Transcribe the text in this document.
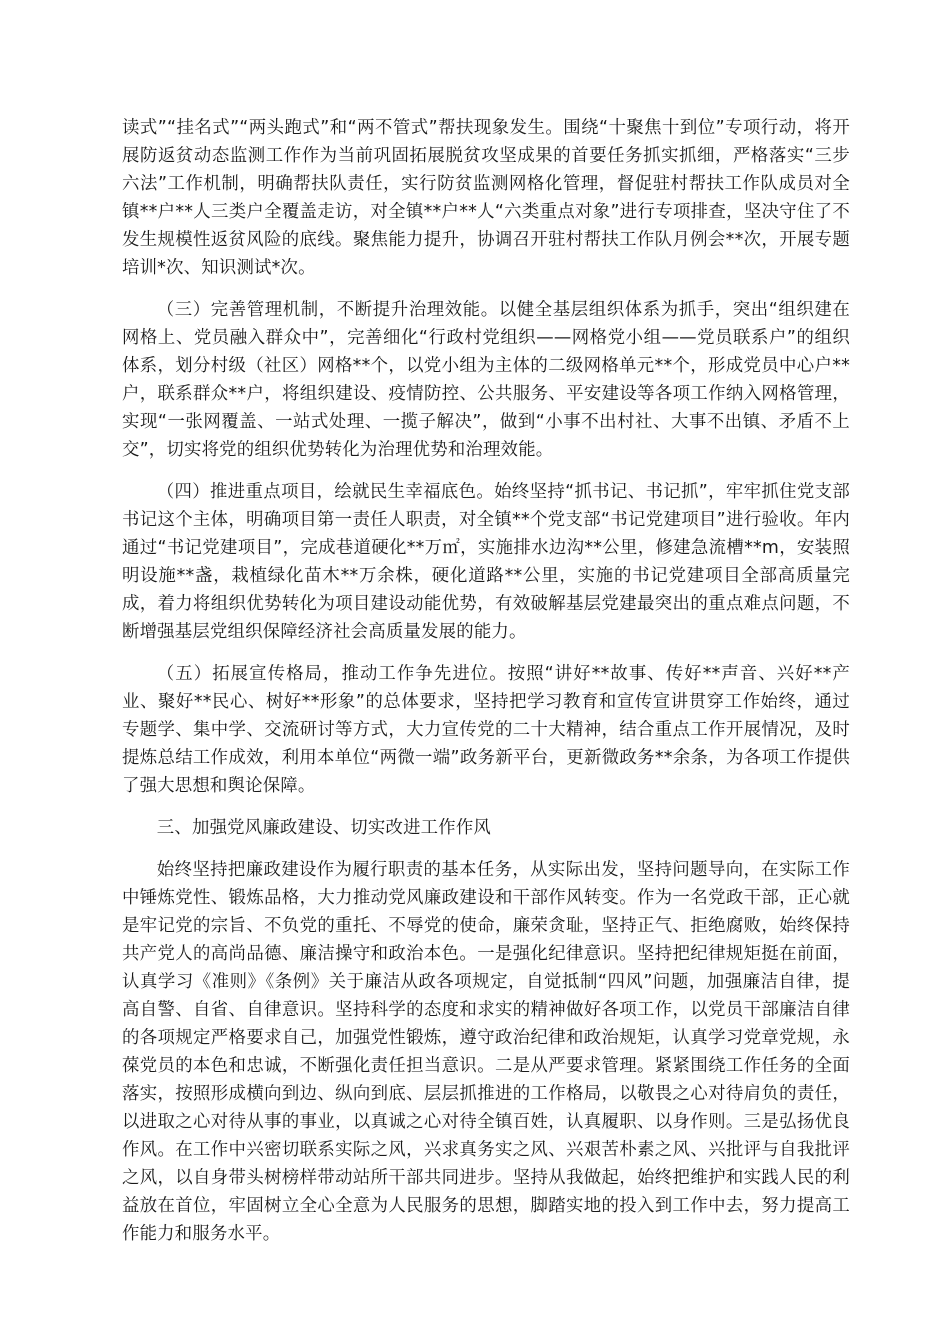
读式”“挂名式”“两头跑式”和“两不管式”帮扶现象发生。围绕“十聚焦十到位”专项行动，将开展防返贫动态监测工作作为当前巩固拓展脱贫攻坚成果的首要任务抓实抓细，严格落实“三步六法”工作机制，明确帮扶队责任，实行防贫监测网格化管理，督促驻村帮扶工作队成员对全镇**户**人三类户全覆盖走访，对全镇**户**人“六类重点对象”进行专项排查，坚决守住了不发生规模性返贫风险的底线。聚焦能力提升，协调召开驻村帮扶工作队月例会**次，开展专题培训*次、知识测试*次。

（三）完善管理机制，不断提升治理效能。以健全基层组织体系为抓手，突出“组织建在网格上、党员融入群众中”，完善细化“行政村党组织——网格党小组——党员联系户”的组织体系，划分村级（社区）网格**个，以党小组为主体的二级网格单元**个，形成党员中心户**户，联系群众**户，将组织建设、疫情防控、公共服务、平安建设等各项工作纳入网格管理，实现“一张网覆盖、一站式处理、一揽子解决”，做到“小事不出村社、大事不出镇、矛盾不上交”，切实将党的组织优势转化为治理优势和治理效能。

（四）推进重点项目，绘就民生幸福底色。始终坚持“抓书记、书记抓”，牢牢抓住党支部书记这个主体，明确项目第一责任人职责，对全镇**个党支部“书记党建项目”进行验收。年内通过“书记党建项目”，完成巷道硬化**万㎡，实施排水边沟**公里，修建急流槽**m，安装照明设施**盏，栽植绿化苗木**万余株，硬化道路**公里，实施的书记党建项目全部高质量完成，着力将组织优势转化为项目建设动能优势，有效破解基层党建最突出的重点难点问题，不断增强基层党组织保障经济社会高质量发展的能力。

（五）拓展宣传格局，推动工作争先进位。按照“讲好**故事、传好**声音、兴好**产业、聚好**民心、树好**形象”的总体要求，坚持把学习教育和宣传宣讲贯穿工作始终，通过专题学、集中学、交流研讨等方式，大力宣传党的二十大精神，结合重点工作开展情况，及时提炼总结工作成效，利用本单位“两微一端”政务新平台，更新微政务**余条，为各项工作提供了强大思想和舆论保障。

三、加强党风廉政建设、切实改进工作作风

始终坚持把廉政建设作为履行职责的基本任务，从实际出发，坚持问题导向，在实际工作中锤炼党性、锻炼品格，大力推动党风廉政建设和干部作风转变。作为一名党政干部，正心就是牢记党的宗旨、不负党的重托、不辱党的使命，廉荣贪耻，坚持正气、拒绝腐败，始终保持共产党人的高尚品德、廉洁操守和政治本色。一是强化纪律意识。坚持把纪律规矩挺在前面，认真学习《准则》《条例》关于廉洁从政各项规定，自觉抵制“四风”问题，加强廉洁自律，提高自警、自省、自律意识。坚持科学的态度和求实的精神做好各项工作，以党员干部廉洁自律的各项规定严格要求自己，加强党性锻炼，遵守政治纪律和政治规矩，认真学习党章党规，永葆党员的本色和忠诚，不断强化责任担当意识。二是从严要求管理。紧紧围绕工作任务的全面落实，按照形成横向到边、纵向到底、层层抓推进的工作格局，以敬畏之心对待肩负的责任，以进取之心对待从事的事业，以真诚之心对待全镇百姓，认真履职、以身作则。三是弘扬优良作风。在工作中兴密切联系实际之风，兴求真务实之风、兴艰苦朴素之风、兴批评与自我批评之风，以自身带头树榜样带动站所干部共同进步。坚持从我做起，始终把维护和实践人民的利益放在首位，牢固树立全心全意为人民服务的思想，脚踏实地的投入到工作中去，努力提高工作能力和服务水平。
